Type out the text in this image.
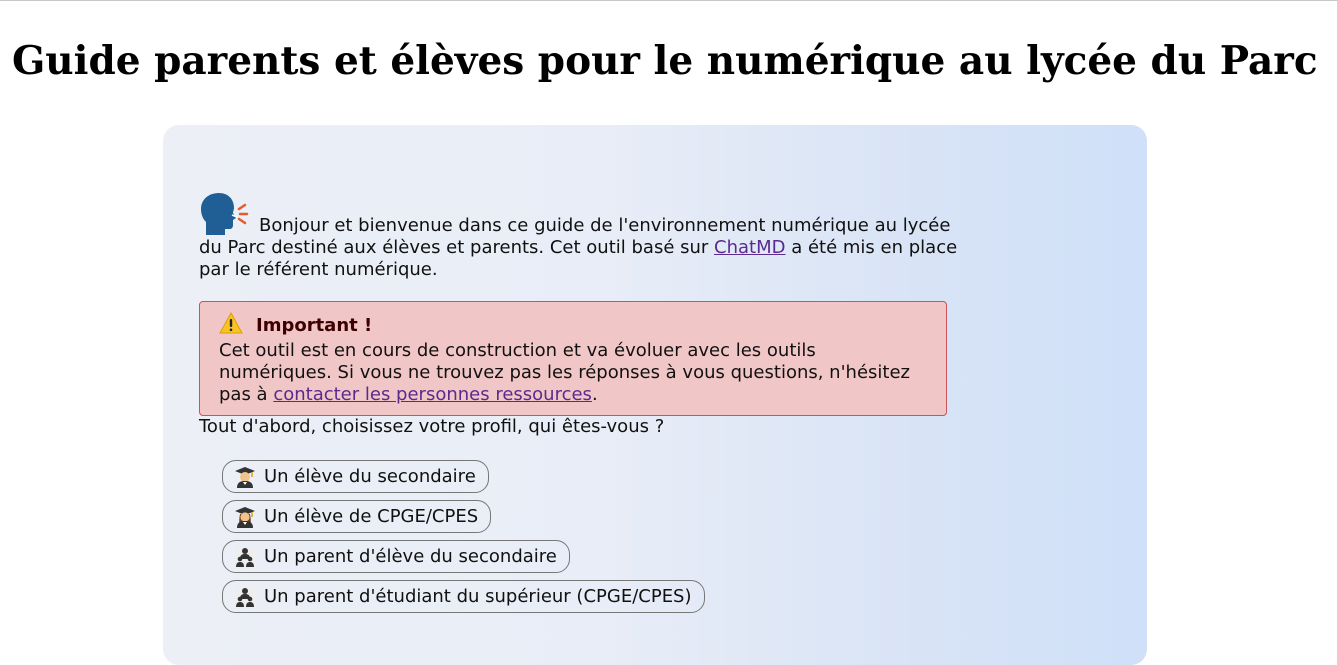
Guide parents et élèves pour le numérique au lycée du Parc
Bonjour et bienvenue dans ce guide de l'environnement numérique au lycée du Parc destiné aux élèves et parents. Cet outil basé sur ChatMD a été mis en place par le référent numérique.
Important !
Cet outil est en cours de construction et va évoluer avec les outils numériques. Si vous ne trouvez pas les réponses à vous questions, n'hésitez pas à contacter les personnes ressources.
Tout d'abord, choisissez votre profil, qui êtes-vous ?
Un élève du secondaire
Un élève de CPGE/CPES
Un parent d'élève du secondaire
Un parent d'étudiant du supérieur (CPGE/CPES)
